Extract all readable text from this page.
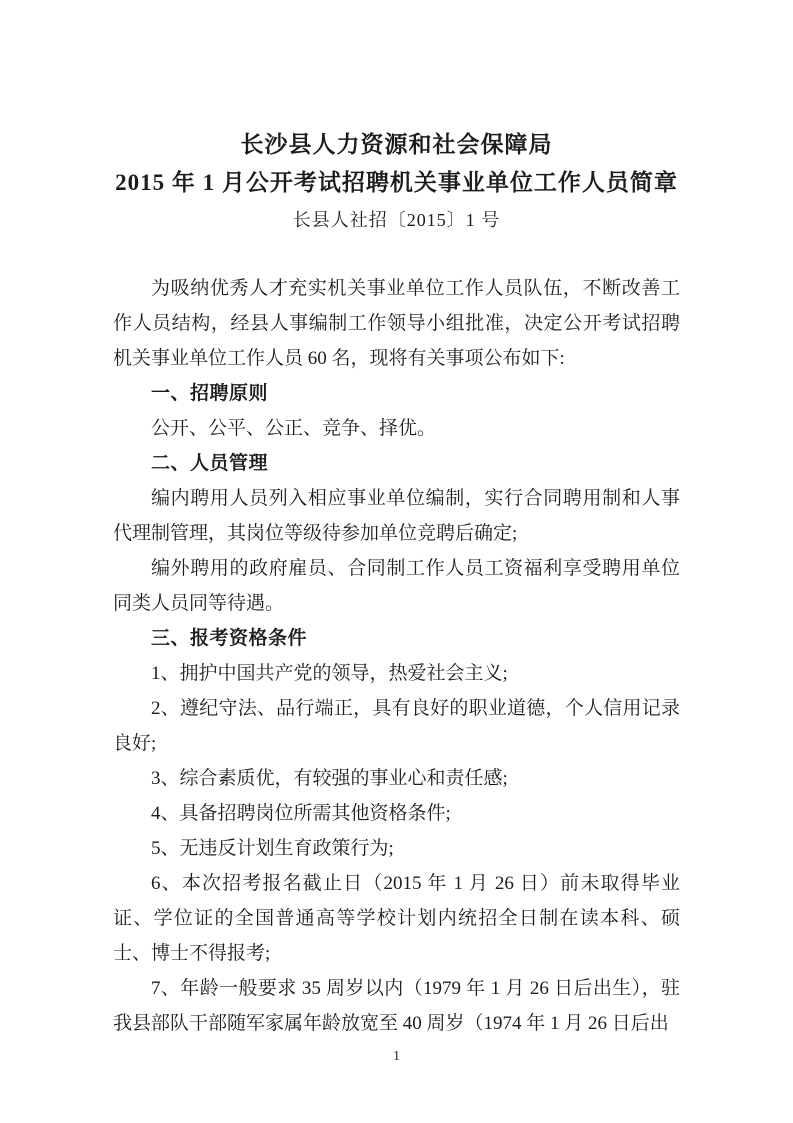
长沙县人力资源和社会保障局
2015 年 1 月公开考试招聘机关事业单位工作人员简章
长县人社招〔2015〕1 号

为吸纳优秀人才充实机关事业单位工作人员队伍，不断改善工作人员结构，经县人事编制工作领导小组批准，决定公开考试招聘机关事业单位工作人员 60 名，现将有关事项公布如下:

一、招聘原则

公开、公平、公正、竞争、择优。

二、人员管理

编内聘用人员列入相应事业单位编制，实行合同聘用制和人事代理制管理，其岗位等级待参加单位竞聘后确定;

编外聘用的政府雇员、合同制工作人员工资福利享受聘用单位同类人员同等待遇。

三、报考资格条件

1、拥护中国共产党的领导，热爱社会主义;

2、遵纪守法、品行端正，具有良好的职业道德，个人信用记录良好;

3、综合素质优，有较强的事业心和责任感;

4、具备招聘岗位所需其他资格条件;

5、无违反计划生育政策行为;

6、本次招考报名截止日（2015 年 1 月 26 日）前未取得毕业证、学位证的全国普通高等学校计划内统招全日制在读本科、硕士、博士不得报考;

7、年龄一般要求 35 周岁以内（1979 年 1 月 26 日后出生），驻我县部队干部随军家属年龄放宽至 40 周岁（1974 年 1 月 26 日后出

1
